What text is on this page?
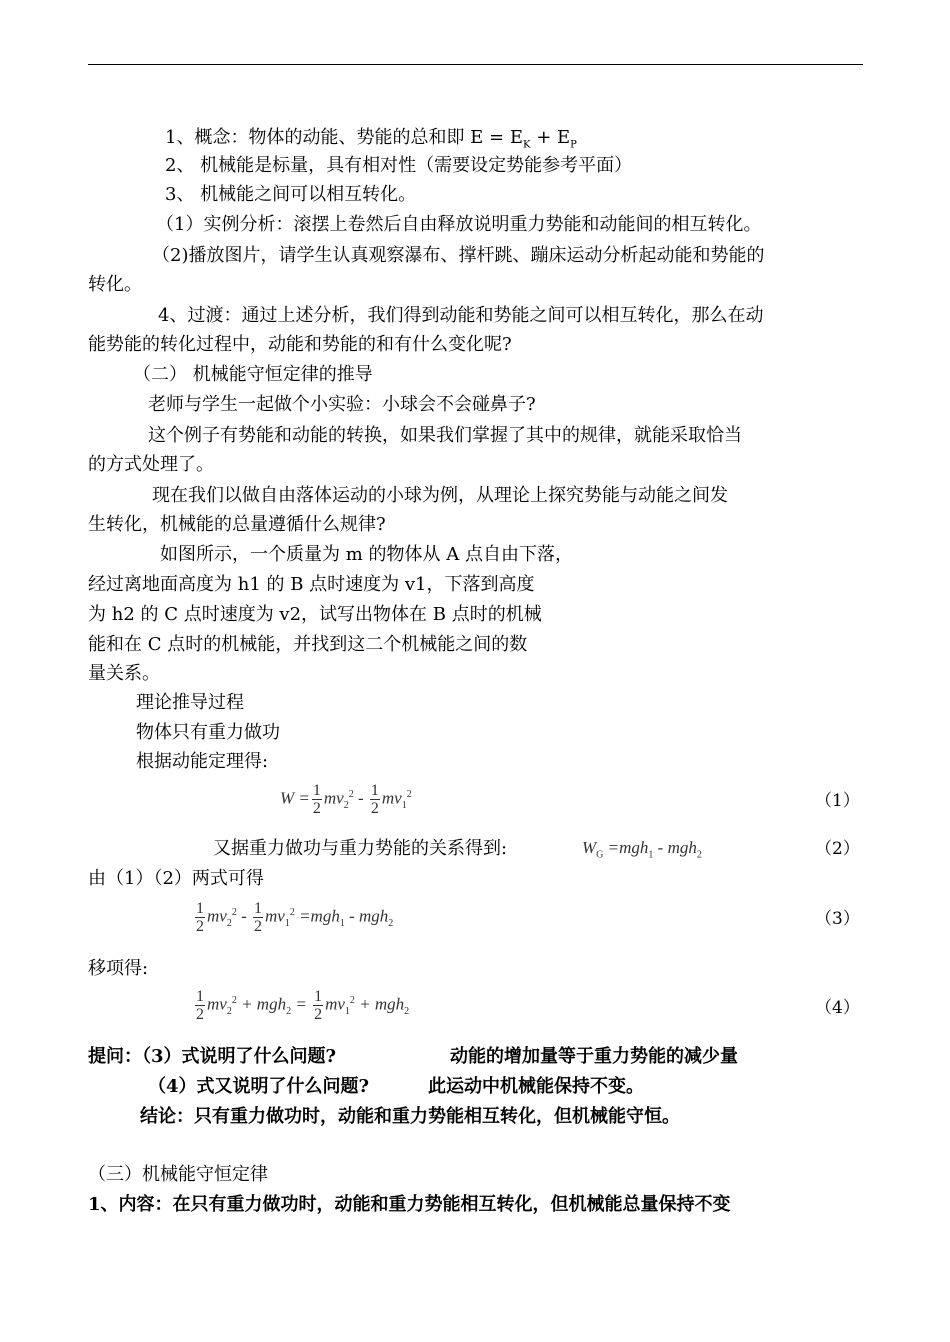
1、概念：物体的动能、势能的总和即 $E = E_K + E_P$
2、 机械能是标量，具有相对性（需要设定势能参考平面）
3、 机械能之间可以相互转化。
（1）实例分析：滚摆上卷然后自由释放说明重力势能和动能间的相互转化。
（2)播放图片，请学生认真观察瀑布、撑杆跳、蹦床运动分析起动能和势能的
转化。
4、过渡：通过上述分析，我们得到动能和势能之间可以相互转化，那么在动
能势能的转化过程中，动能和势能的和有什么变化呢?
（二） 机械能守恒定律的推导
老师与学生一起做个小实验：小球会不会碰鼻子?
这个例子有势能和动能的转换，如果我们掌握了其中的规律，就能采取恰当
的方式处理了。
现在我们以做自由落体运动的小球为例，从理论上探究势能与动能之间发
生转化，机械能的总量遵循什么规律?
如图所示，一个质量为 m 的物体从 A 点自由下落，
经过离地面高度为 h1 的 B 点时速度为 v1，下落到高度
为 h2 的 C 点时速度为 v2，试写出物体在 B 点时的机械
能和在 C 点时的机械能，并找到这二个机械能之间的数
量关系。
理论推导过程
物体只有重力做功
根据动能定理得:
$W = \frac{1}{2} mv_2^2 - \frac{1}{2} mv_1^2$	（1）
又据重力做功与重力势能的关系得到:	$W_G =mgh_1 - mgh_2$	（2）
由（1）（2）两式可得
$\frac{1}{2} mv_2^2 - \frac{1}{2} mv_1^2 =mgh_1 - mgh_2$	（3）
移项得:
$\frac{1}{2} mv_2^2 + mgh_2 = \frac{1}{2} mv_1^2 + mgh_2$	（4）
提问：（3）式说明了什么问题?	动能的增加量等于重力势能的减少量
（4）式又说明了什么问题?	此运动中机械能保持不变。
结论：只有重力做功时，动能和重力势能相互转化，但机械能守恒。
（三）机械能守恒定律
1、内容：在只有重力做功时，动能和重力势能相互转化，但机械能总量保持不变
